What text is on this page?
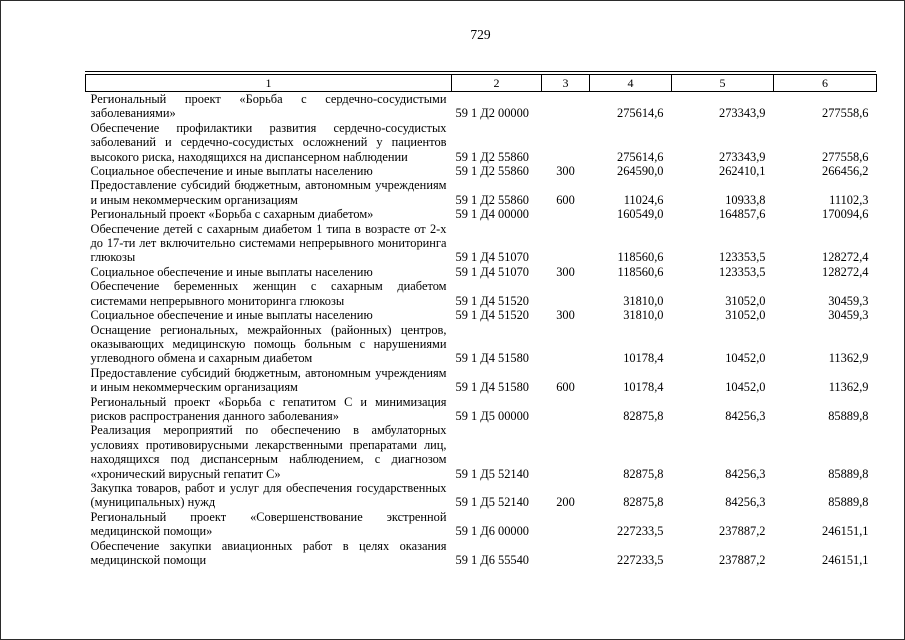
729
1	2	3	4	5	6
Региональный проект «Борьба с сердечно-сосудистыми заболеваниями»	59 1 Д2 00000		275614,6	273343,9	277558,6
Обеспечение профилактики развития сердечно-сосудистых заболеваний и сердечно-сосудистых осложнений у пациентов высокого риска, находящихся на диспансерном наблюдении	59 1 Д2 55860		275614,6	273343,9	277558,6
Социальное обеспечение и иные выплаты населению	59 1 Д2 55860	300	264590,0	262410,1	266456,2
Предоставление субсидий бюджетным, автономным учреждениям и иным некоммерческим организациям	59 1 Д2 55860	600	11024,6	10933,8	11102,3
Региональный проект «Борьба с сахарным диабетом»	59 1 Д4 00000		160549,0	164857,6	170094,6
Обеспечение детей с сахарным диабетом 1 типа в возрасте от 2-х до 17-ти лет включительно системами непрерывного мониторинга глюкозы	59 1 Д4 51070		118560,6	123353,5	128272,4
Социальное обеспечение и иные выплаты населению	59 1 Д4 51070	300	118560,6	123353,5	128272,4
Обеспечение беременных женщин с сахарным диабетом системами непрерывного мониторинга глюкозы	59 1 Д4 51520		31810,0	31052,0	30459,3
Социальное обеспечение и иные выплаты населению	59 1 Д4 51520	300	31810,0	31052,0	30459,3
Оснащение региональных, межрайонных (районных) центров, оказывающих медицинскую помощь больным с нарушениями углеводного обмена и сахарным диабетом	59 1 Д4 51580		10178,4	10452,0	11362,9
Предоставление субсидий бюджетным, автономным учреждениям и иным некоммерческим организациям	59 1 Д4 51580	600	10178,4	10452,0	11362,9
Региональный проект «Борьба с гепатитом С и минимизация рисков распространения данного заболевания»	59 1 Д5 00000		82875,8	84256,3	85889,8
Реализация мероприятий по обеспечению в амбулаторных условиях противовирусными лекарственными препаратами лиц, находящихся под диспансерным наблюдением, с диагнозом «хронический вирусный гепатит С»	59 1 Д5 52140		82875,8	84256,3	85889,8
Закупка товаров, работ и услуг для обеспечения государственных (муниципальных) нужд	59 1 Д5 52140	200	82875,8	84256,3	85889,8
Региональный проект «Совершенствование экстренной медицинской помощи»	59 1 Д6 00000		227233,5	237887,2	246151,1
Обеспечение закупки авиационных работ в целях оказания медицинской помощи	59 1 Д6 55540		227233,5	237887,2	246151,1
